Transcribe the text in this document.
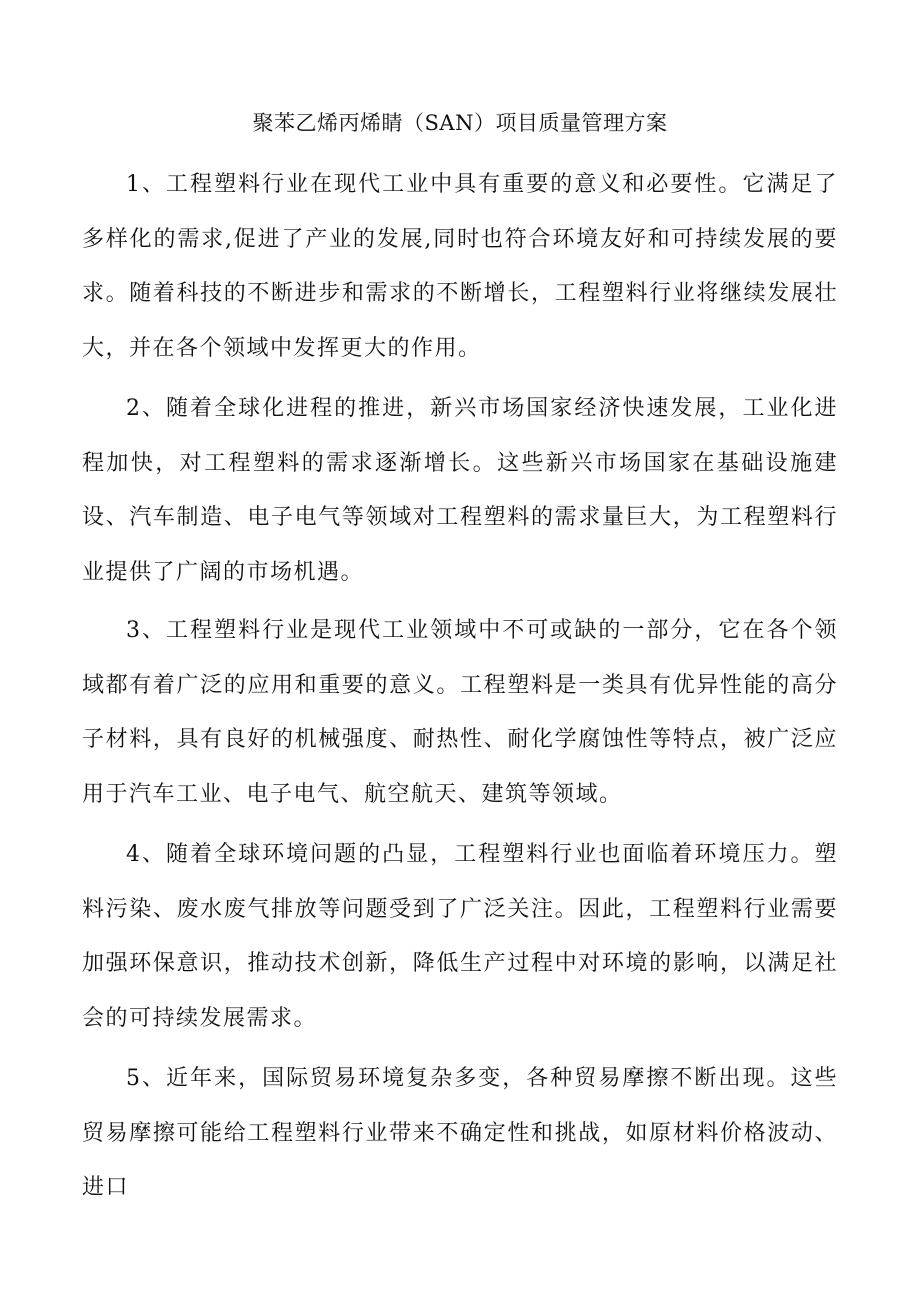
聚苯乙烯丙烯睛（SAN）项目质量管理方案

1、工程塑料行业在现代工业中具有重要的意义和必要性。它满足了多样化的需求,促进了产业的发展,同时也符合环境友好和可持续发展的要求。随着科技的不断进步和需求的不断增长，工程塑料行业将继续发展壮大，并在各个领域中发挥更大的作用。

2、随着全球化进程的推进，新兴市场国家经济快速发展，工业化进程加快，对工程塑料的需求逐渐增长。这些新兴市场国家在基础设施建设、汽车制造、电子电气等领域对工程塑料的需求量巨大，为工程塑料行业提供了广阔的市场机遇。

3、工程塑料行业是现代工业领域中不可或缺的一部分，它在各个领域都有着广泛的应用和重要的意义。工程塑料是一类具有优异性能的高分子材料，具有良好的机械强度、耐热性、耐化学腐蚀性等特点，被广泛应用于汽车工业、电子电气、航空航天、建筑等领域。

4、随着全球环境问题的凸显，工程塑料行业也面临着环境压力。塑料污染、废水废气排放等问题受到了广泛关注。因此，工程塑料行业需要加强环保意识，推动技术创新，降低生产过程中对环境的影响，以满足社会的可持续发展需求。

5、近年来，国际贸易环境复杂多变，各种贸易摩擦不断出现。这些贸易摩擦可能给工程塑料行业带来不确定性和挑战，如原材料价格波动、进口
